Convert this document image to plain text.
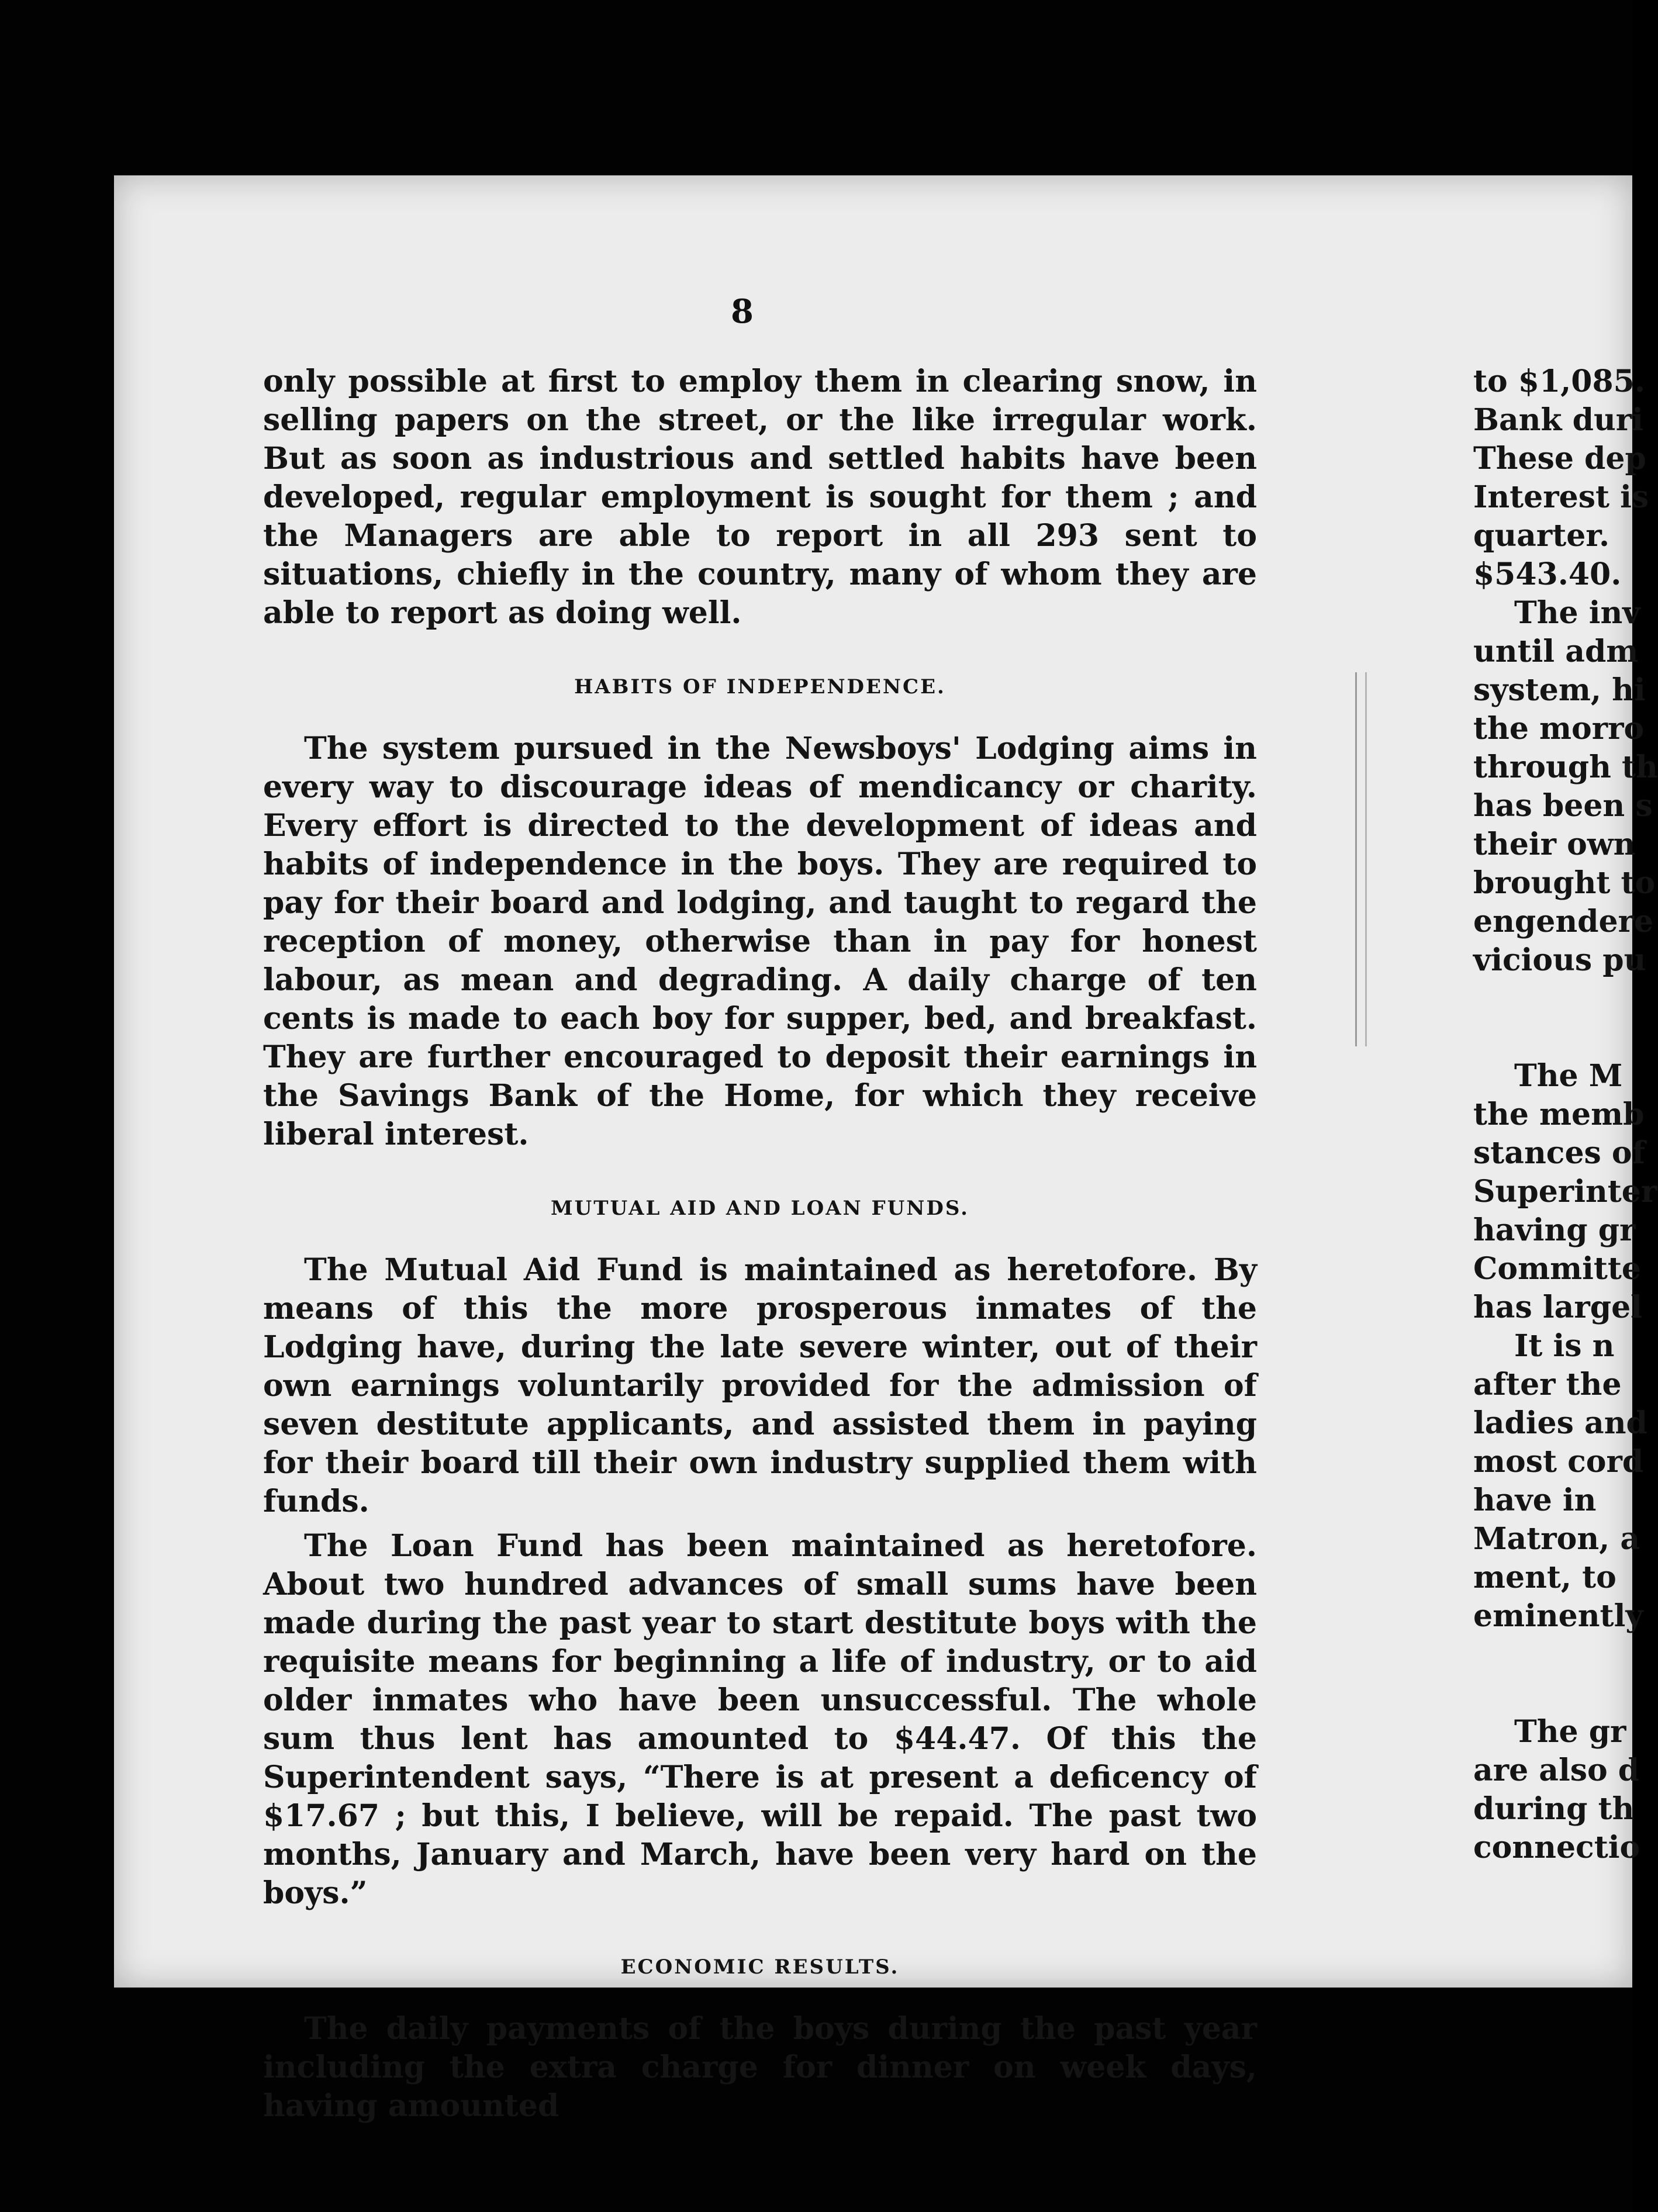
8

only possible at first to employ them in clearing snow, in selling papers on the street, or the like irregular work. But as soon as industrious and settled habits have been developed, regular employment is sought for them ; and the Managers are able to report in all 293 sent to situations, chiefly in the country, many of whom they are able to report as doing well.

HABITS OF INDEPENDENCE.

The system pursued in the Newsboys' Lodging aims in every way to discourage ideas of mendicancy or charity. Every effort is directed to the development of ideas and habits of independence in the boys. They are required to pay for their board and lodging, and taught to regard the reception of money, otherwise than in pay for honest labour, as mean and degrading. A daily charge of ten cents is made to each boy for supper, bed, and breakfast. They are further encouraged to deposit their earnings in the Savings Bank of the Home, for which they receive liberal interest.

MUTUAL AID AND LOAN FUNDS.

The Mutual Aid Fund is maintained as heretofore. By means of this the more prosperous inmates of the Lodging have, during the late severe winter, out of their own earnings voluntarily provided for the admission of seven destitute applicants, and assisted them in paying for their board till their own industry supplied them with funds.

The Loan Fund has been maintained as heretofore. About two hundred advances of small sums have been made during the past year to start destitute boys with the requisite means for beginning a life of industry, or to aid older inmates who have been unsuccessful. The whole sum thus lent has amounted to $44.47. Of this the Superintendent says, “There is at present a deficency of $17.67 ; but this, I believe, will be repaid. The past two months, January and March, have been very hard on the boys.”

ECONOMIC RESULTS.

The daily payments of the boys during the past year including the extra charge for dinner on week days, having amounted

to $1,085.
Bank duri
These dep
Interest is
quarter.
$543.40.
The inv
until adm
system, hi
the morro
through th
has been s
their own
brought to
engendere
vicious pu
The M
the memb
stances of
Superinter
having gr
Committe
has largel
It is n
after the
ladies and
most cord
have in
Matron, a
ment, to
eminently
The gr
are also d
during th
connectio
